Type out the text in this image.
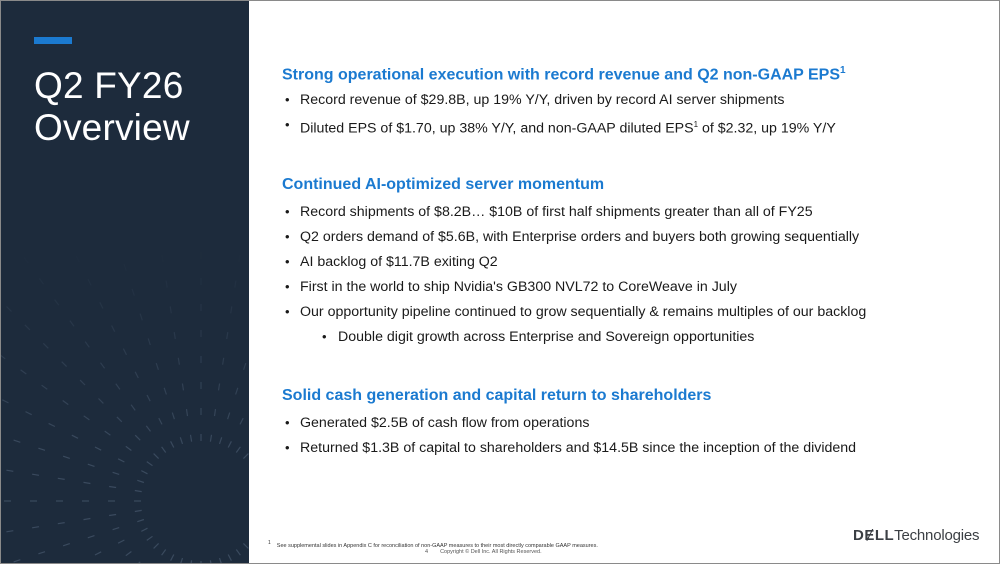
Q2 FY26
Overview
Strong operational execution with record revenue and Q2 non-GAAP EPS$^1$
• Record revenue of $29.8B, up 19% Y/Y, driven by record AI server shipments
• Diluted EPS of $1.70, up 38% Y/Y, and non-GAAP diluted EPS$^1$ of $2.32, up 19% Y/Y
Continued AI-optimized server momentum
• Record shipments of $8.2B… $10B of first half shipments greater than all of FY25
• Q2 orders demand of $5.6B, with Enterprise orders and buyers both growing sequentially
• AI backlog of $11.7B exiting Q2
• First in the world to ship Nvidia's GB300 NVL72 to CoreWeave in July
• Our opportunity pipeline continued to grow sequentially & remains multiples of our backlog
• Double digit growth across Enterprise and Sovereign opportunities
Solid cash generation and capital return to shareholders
• Generated $2.5B of cash flow from operations
• Returned $1.3B of capital to shareholders and $14.5B since the inception of the dividend
$^1$ See supplemental slides in Appendix C for reconciliation of non-GAAP measures to their most directly comparable GAAP measures.
4 Copyright © Dell Inc. All Rights Reserved.
DɆLLTechnologies
